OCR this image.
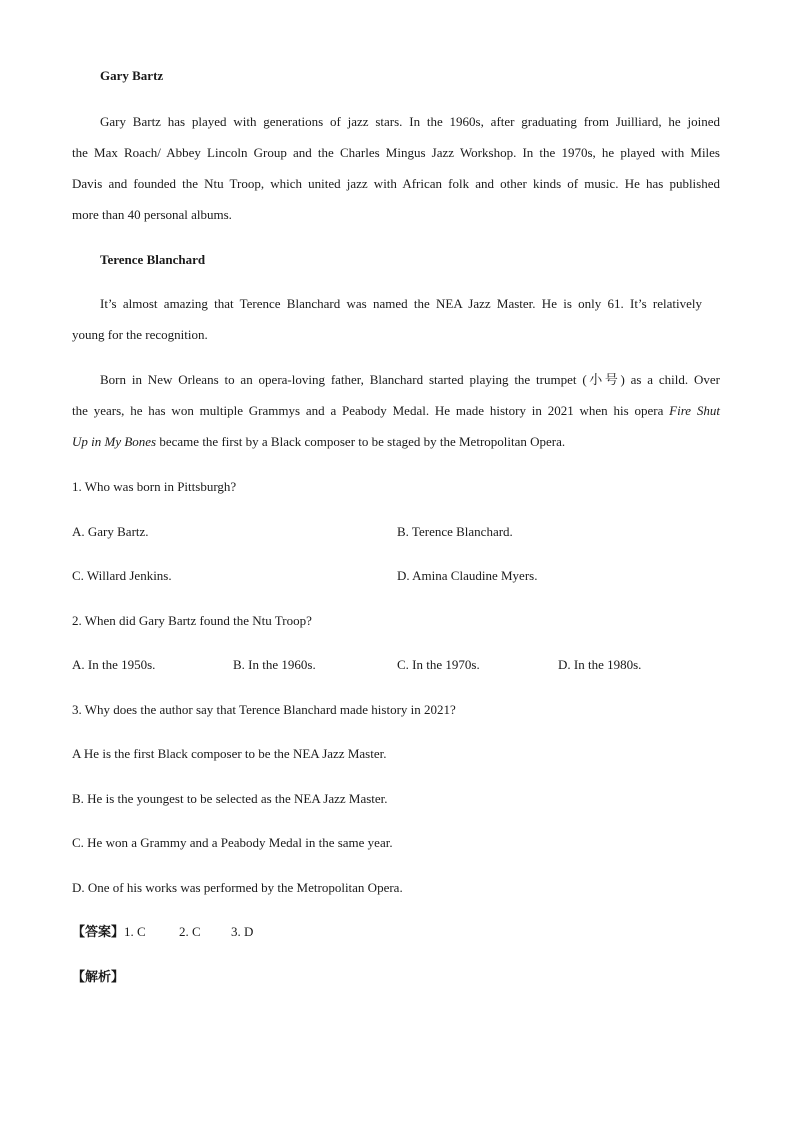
Gary Bartz
Gary Bartz has played with generations of jazz stars. In the 1960s, after graduating from Juilliard, he joined
the Max Roach/ Abbey Lincoln Group and the Charles Mingus Jazz Workshop. In the 1970s, he played with Miles
Davis and founded the Ntu Troop, which united jazz with African folk and other kinds of music. He has published
more than 40 personal albums.
Terence Blanchard
It’s almost amazing that Terence Blanchard was named the NEA Jazz Master. He is only 61. It’s relatively
young for the recognition.
Born in New Orleans to an opera-loving father, Blanchard started playing the trumpet (小号) as a child. Over
the years, he has won multiple Grammys and a Peabody Medal. He made history in 2021 when his opera Fire Shut
Up in My Bones became the first by a Black composer to be staged by the Metropolitan Opera.
1. Who was born in Pittsburgh?
A. Gary Bartz.	B. Terence Blanchard.
C. Willard Jenkins.	D. Amina Claudine Myers.
2. When did Gary Bartz found the Ntu Troop?
A. In the 1950s.	B. In the 1960s.	C. In the 1970s.	D. In the 1980s.
3. Why does the author say that Terence Blanchard made history in 2021?
A He is the first Black composer to be the NEA Jazz Master.
B. He is the youngest to be selected as the NEA Jazz Master.
C. He won a Grammy and a Peabody Medal in the same year.
D. One of his works was performed by the Metropolitan Opera.
【答案】1. C	2. C 3. D
【解析】
